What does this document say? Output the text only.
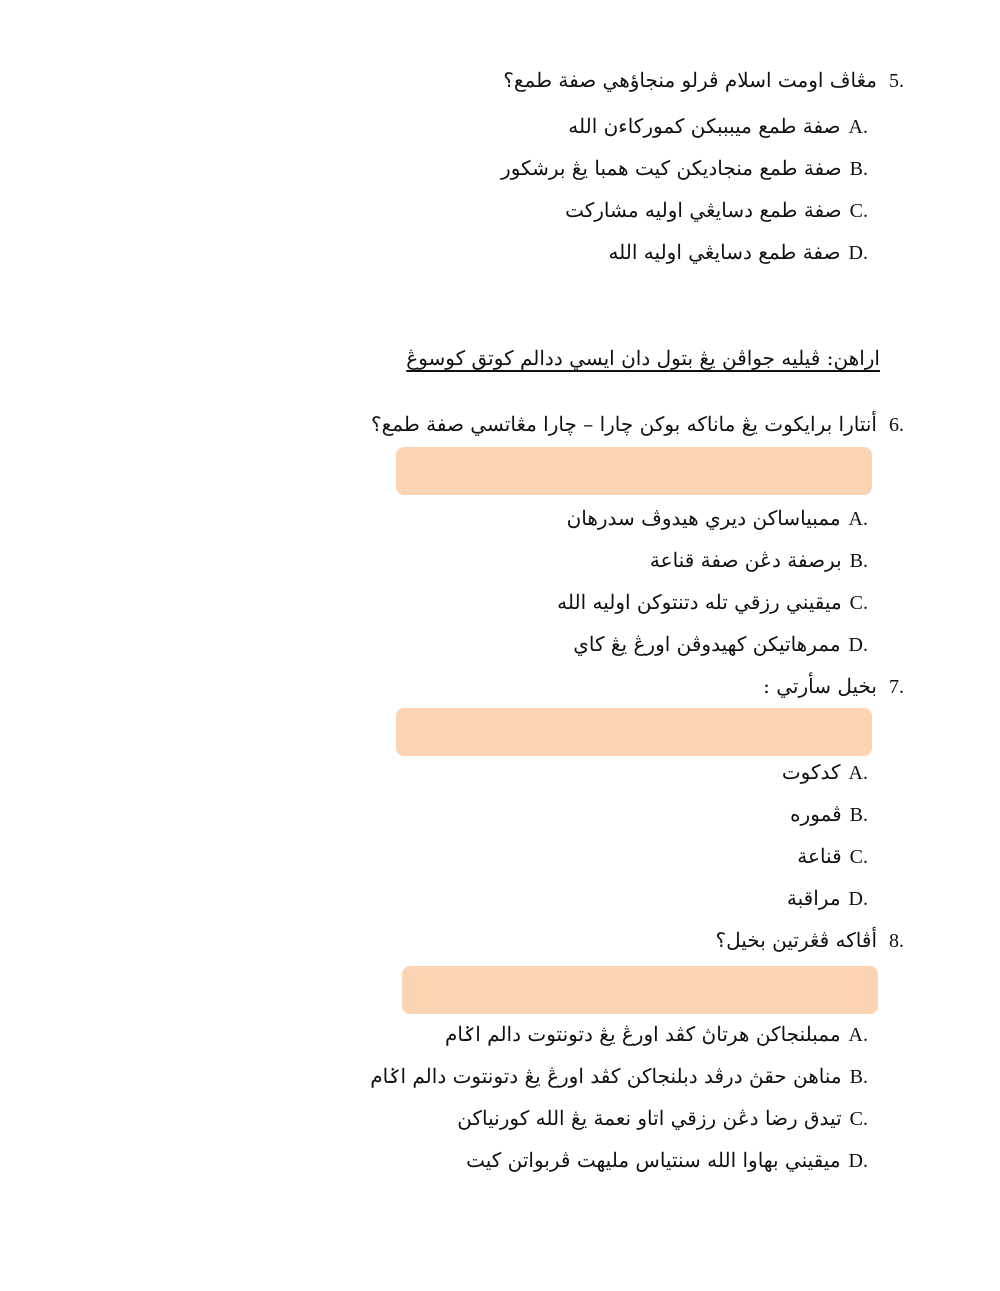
5.مڠاڤ اومت اسلام ڤرلو منجاؤهي صفة طمع؟
A.صفة طمع ميبببكن كموركاءن الله
B.صفة طمع منجاديكن كيت همبا يڠ برشكور
C.صفة طمع دسايڠي اوليه مشاركت
D.صفة طمع دسايڠي اوليه الله
اراهن: ڤيليه جواڤن يڠ بتول دان ايسي ددالم كوتق كوسوڠ
6.أنتارا برايكوت يڠ ماناكه بوكن چارا – چارا مڠاتسي صفة طمع؟
A.ممبياساكن ديري هيدوڤ سدرهان
B.برصفة دڠن صفة قناعة
C.ميقيني رزقي تله دتنتوكن اوليه الله
D.ممرهاتيكن كهيدوڤن اورڠ يڠ كاي
7.بخيل سأرتي :
A.كدكوت
B.ڤموره
C.قناعة
D.مراقبة
8.أڤاكه ڤڠرتين بخيل؟
A.ممبلنجاكن هرتاڽ كڤد اورڠ يڠ دتونتوت دالم اݢام
B.مناهن حقڽ درڤد دبلنجاكن كڤد اورڠ يڠ دتونتوت دالم اݢام
C.تيدق رضا دڠن رزقي اتاو نعمة يڠ الله كورنياكن
D.ميقيني بهاوا الله سنتياس مليهت ڤربواتن كيت
